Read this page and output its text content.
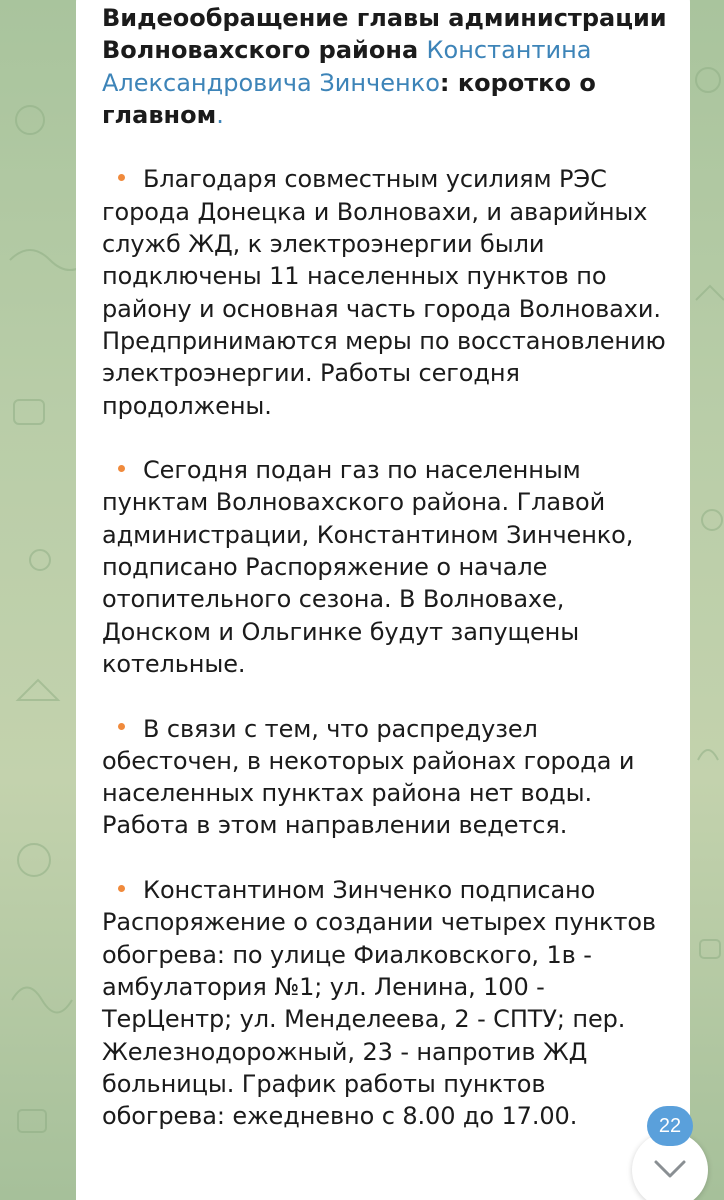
Видеообращение главы администрации Волновахского района Константина Александровича Зинченко: коротко о главном.

Благодаря совместным усилиям РЭС города Донецка и Волновахи, и аварийных служб ЖД, к электроэнергии были подключены 11 населенных пунктов по району и основная часть города Волновахи. Предпринимаются меры по восстановлению электроэнергии. Работы сегодня продолжены.

Сегодня подан газ по населенным пунктам Волновахского района. Главой администрации, Константином Зинченко, подписано Распоряжение о начале отопительного сезона. В Волновахе, Донском и Ольгинке будут запущены котельные.

В связи с тем, что распредузел обесточен, в некоторых районах города и населенных пунктах района нет воды. Работа в этом направлении ведется.

Константином Зинченко подписано Распоряжение о создании четырех пунктов обогрева: по улице Фиалковского, 1в - амбулатория №1; ул. Ленина, 100 - ТерЦентр; ул. Менделеева, 2 - СПТУ; пер. Железнодорожный, 23 - напротив ЖД больницы. График работы пунктов обогрева: ежедневно с 8.00 до 17.00.	22
